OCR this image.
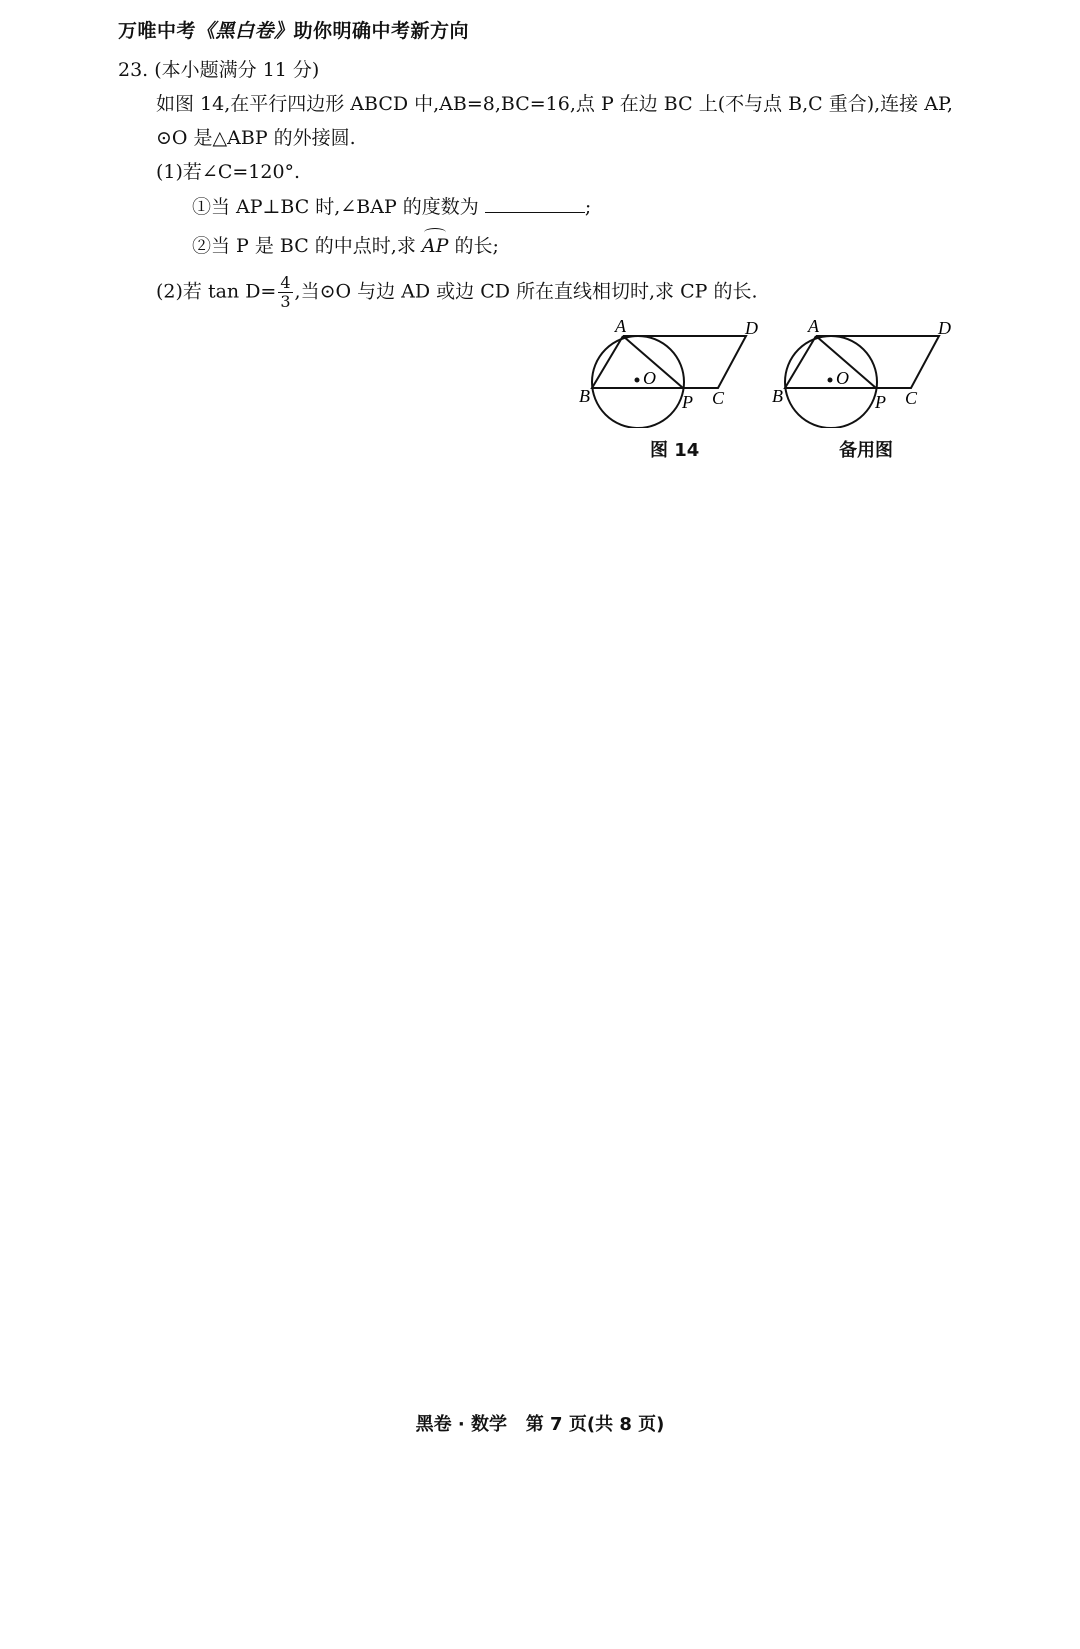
万唯中考《黑白卷》助你明确中考新方向
23. (本小题满分 11 分)
如图 14,在平行四边形 ABCD 中,AB=8,BC=16,点 P 在边 BC 上(不与点 B,C 重合),连接 AP,
⊙O 是△ABP 的外接圆.
(1)若∠C=120°.
①当 AP⊥BC 时,∠BAP 的度数为	;
②当 P 是 BC 的中点时,求 AP 的长;
(2)若 $\tan D= \frac{4}{3}$ ,当⊙O 与边 AD 或边 CD 所在直线相切时,求 CP 的长.
A	D
B	P C
O
图 14
A	D
B	P C
O
备用图
黑卷 · 数学   第 7 页(共 8 页)
